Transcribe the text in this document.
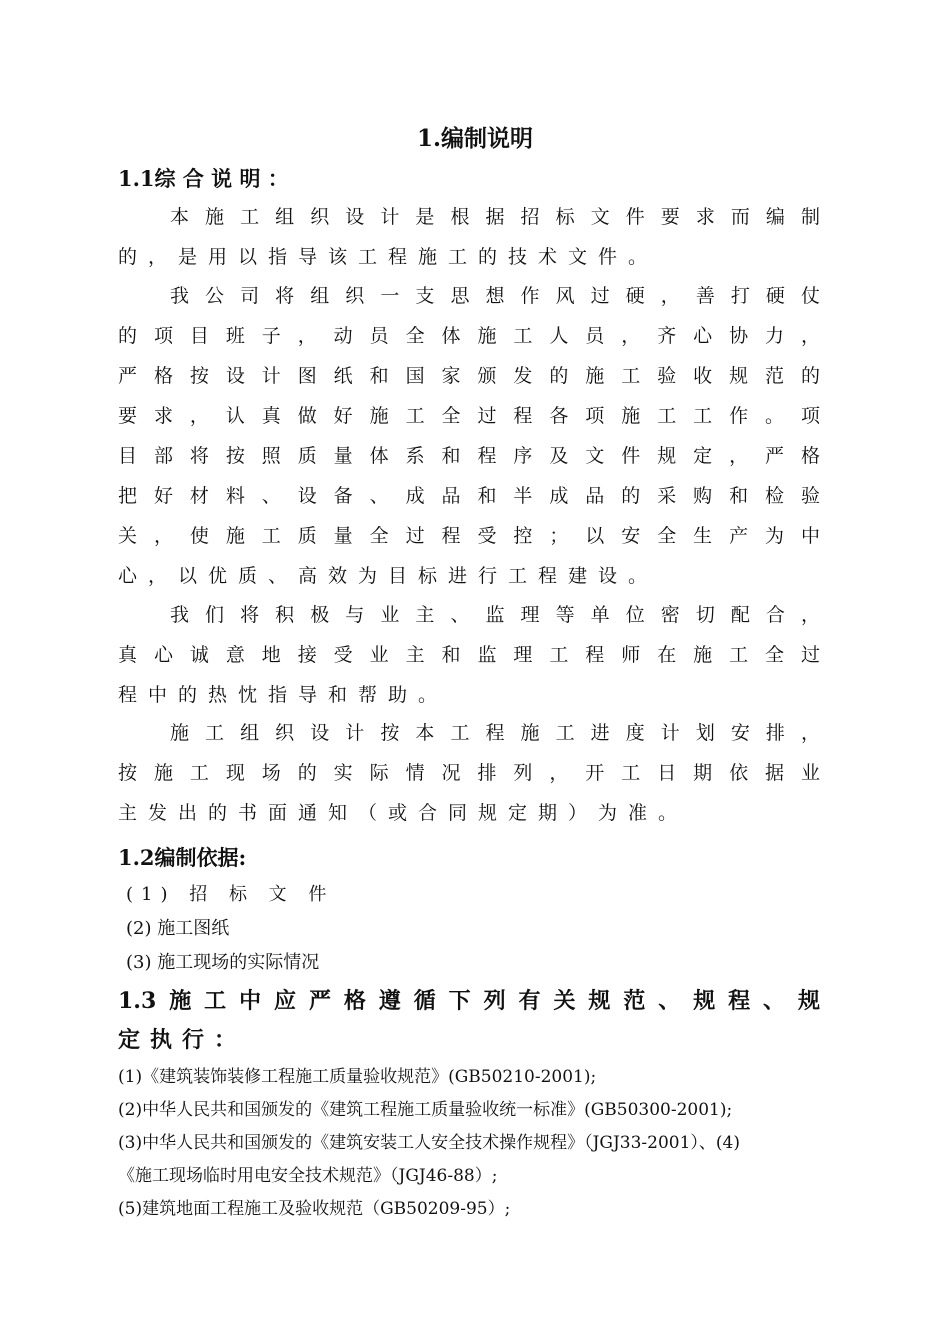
1.编制说明
1.1综 合 说 明 ：
本施工组织设计是根据招标文件要求而编制
的，是用以指导该工程施工的技术文件。
我公司将组织一支思想作风过硬，善打硬仗
的项目班子，动员全体施工人员，齐心协力，
严格按设计图纸和国家颁发的施工验收规范的
要求，认真做好施工全过程各项施工工作。项
目部将按照质量体系和程序及文件规定，严格
把好材料、设备、成品和半成品的采购和检验
关，使施工质量全过程受控；以安全生产为中
心，以优质、高效为目标进行工程建设。
我们将积极与业主、监理等单位密切配合，
真心诚意地接受业主和监理工程师在施工全过
程中的热忱指导和帮助。
施工组织设计按本工程施工进度计划安排，
按施工现场的实际情况排列，开工日期依据业
主发出的书面通知（或合同规定期）为准。
1.2编制依据:
(1) 招 标 文 件
(2) 施工图纸
(3) 施工现场的实际情况
1.3施工中应严格遵循下列有关规范、规程、规
定执行：
(1)《建筑装饰装修工程施工质量验收规范》(GB50210-2001);
(2)中华人民共和国颁发的《建筑工程施工质量验收统一标准》(GB50300-2001);
(3)中华人民共和国颁发的《建筑安装工人安全技术操作规程》（JGJ33-2001）、(4)
《施工现场临时用电安全技术规范》（JGJ46-88）;
(5)建筑地面工程施工及验收规范（GB50209-95）;
